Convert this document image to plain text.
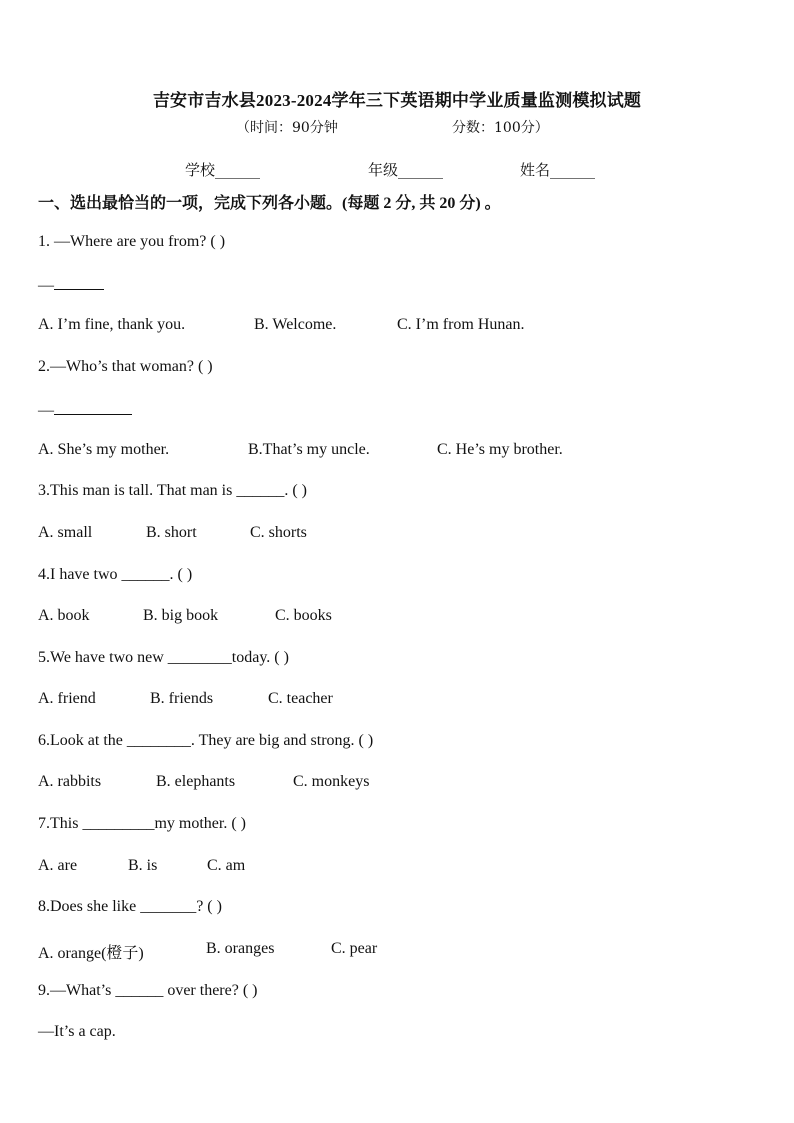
吉安市吉水县2023-2024学年三下英语期中学业质量监测模拟试题
（时间：90分钟	分数：100分）
学校______	年级______	姓名______
一、选出最恰当的一项，完成下列各小题。(每题 2 分, 共 20 分) 。
1. —Where are you from? ( )
—
A. I’m fine, thank you.	B. Welcome.	C. I’m from Hunan.
2.—Who’s that woman? ( )
—
A. She’s my mother.	B.That’s my uncle.	C. He’s my brother.
3.This man is tall. That man is ______. ( )
A. small	B. short	C. shorts
4.I have two ______. ( )
A. book	B. big book	C. books
5.We have two new ________today. ( )
A. friend	B. friends	C. teacher
6.Look at the ________. They are big and strong. ( )
A. rabbits	B. elephants	C. monkeys
7.This _________my mother. ( )
A. are	B. is	C. am
8.Does she like _______? ( )
A. orange(橙子)	B. oranges	C. pear
9.—What’s ______ over there? ( )
—It’s a cap.
